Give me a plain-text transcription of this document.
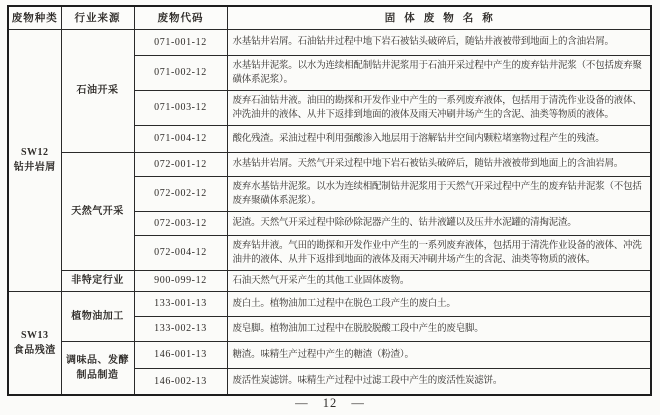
废物种类	行业来源	废物代码	固体废物名称

SW12
钻井岩屑	石油开采	071-001-12	水基钻井岩屑。石油钻井过程中地下岩石被钻头破碎后，随钻井液被带到地面上的含油岩屑。
		071-002-12	水基钻井泥浆。以水为连续相配制钻井泥浆用于石油开采过程中产生的废弃钻井泥浆（不包括废弃聚磺体系泥浆）。
		071-003-12	废弃石油钻井液。油田的勘探和开发作业中产生的一系列废弃液体，包括用于清洗作业设备的液体、冲洗油井的液体、从井下返排到地面的液体及雨天冲刷井场产生的含泥、油类等物质的液体。
		071-004-12	酸化残渣。采油过程中利用强酸渗入地层用于溶解钻井空间内颗粒堵塞物过程产生的残渣。
	天然气开采	072-001-12	水基钻井岩屑。天然气开采过程中地下岩石被钻头破碎后，随钻井液被带到地面上的含油岩屑。
		072-002-12	废弃水基钻井泥浆。以水为连续相配制钻井泥浆用于天然气开采过程中产生的废弃钻井泥浆（不包括废弃聚磺体系泥浆）。
		072-003-12	泥渣。天然气开采过程中除砂除泥器产生的、钻井液罐以及压井水泥罐的清掏泥渣。
		072-004-12	废弃钻井液。气田的勘探和开发作业中产生的一系列废弃液体，包括用于清洗作业设备的液体、冲洗油井的液体、从井下返排到地面的液体及雨天冲刷井场产生的含泥、油类等物质的液体。
	非特定行业	900-099-12	石油天然气开采产生的其他工业固体废物。

SW13
食品残渣	植物油加工	133-001-13	废白土。植物油加工过程中在脱色工段产生的废白土。
		133-002-13	废皂脚。植物油加工过程中在脱胶脱酸工段中产生的废皂脚。
	调味品、发酵制品制造	146-001-13	糖渣。味精生产过程中产生的糖渣（粉渣）。
		146-002-13	废活性炭滤饼。味精生产过程中过滤工段中产生的废活性炭滤饼。
— 12 —
